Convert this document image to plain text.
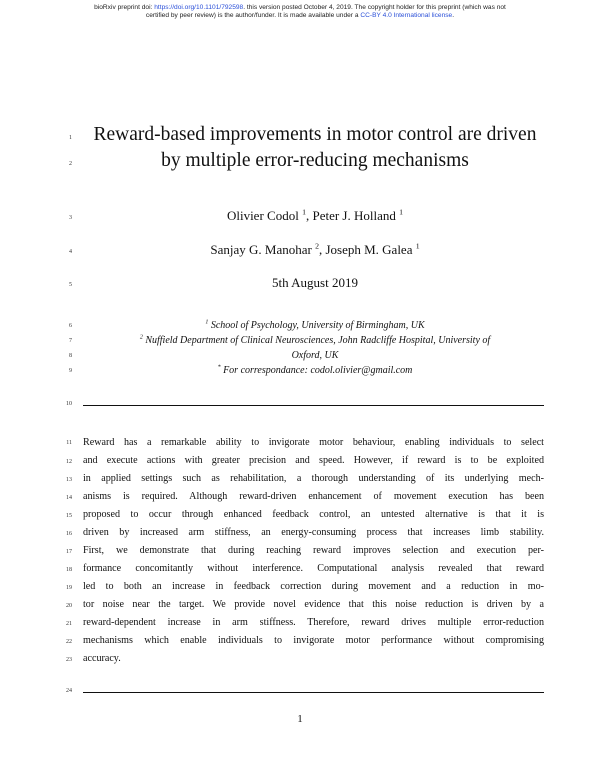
bioRxiv preprint doi: https://doi.org/10.1101/792598. this version posted October 4, 2019. The copyright holder for this preprint (which was not
certified by peer review) is the author/funder. It is made available under a CC-BY 4.0 International license.
1
2
3
4
5
6
7
8
9
10
11
12
13
14
15
16
17
18
19
20
21
22
23
24
Reward-based improvements in motor control are driven
by multiple error-reducing mechanisms
Olivier Codol $^1$, Peter J. Holland $^1$
Sanjay G. Manohar $^2$, Joseph M. Galea $^1$
5th August 2019
$^1$ School of Psychology, University of Birmingham, UK
$^2$ Nuffield Department of Clinical Neurosciences, John Radcliffe Hospital, University of
Oxford, UK
* For correspondance: codol.olivier@gmail.com
Reward has a remarkable ability to invigorate motor behaviour, enabling individuals to select
and execute actions with greater precision and speed. However, if reward is to be exploited
in applied settings such as rehabilitation, a thorough understanding of its underlying mech-
anisms is required. Although reward-driven enhancement of movement execution has been
proposed to occur through enhanced feedback control, an untested alternative is that it is
driven by increased arm stiffness, an energy-consuming process that increases limb stability.
First, we demonstrate that during reaching reward improves selection and execution per-
formance concomitantly without interference. Computational analysis revealed that reward
led to both an increase in feedback correction during movement and a reduction in mo-
tor noise near the target. We provide novel evidence that this noise reduction is driven by a
reward-dependent increase in arm stiffness. Therefore, reward drives multiple error-reduction
mechanisms which enable individuals to invigorate motor performance without compromising
accuracy.
1
